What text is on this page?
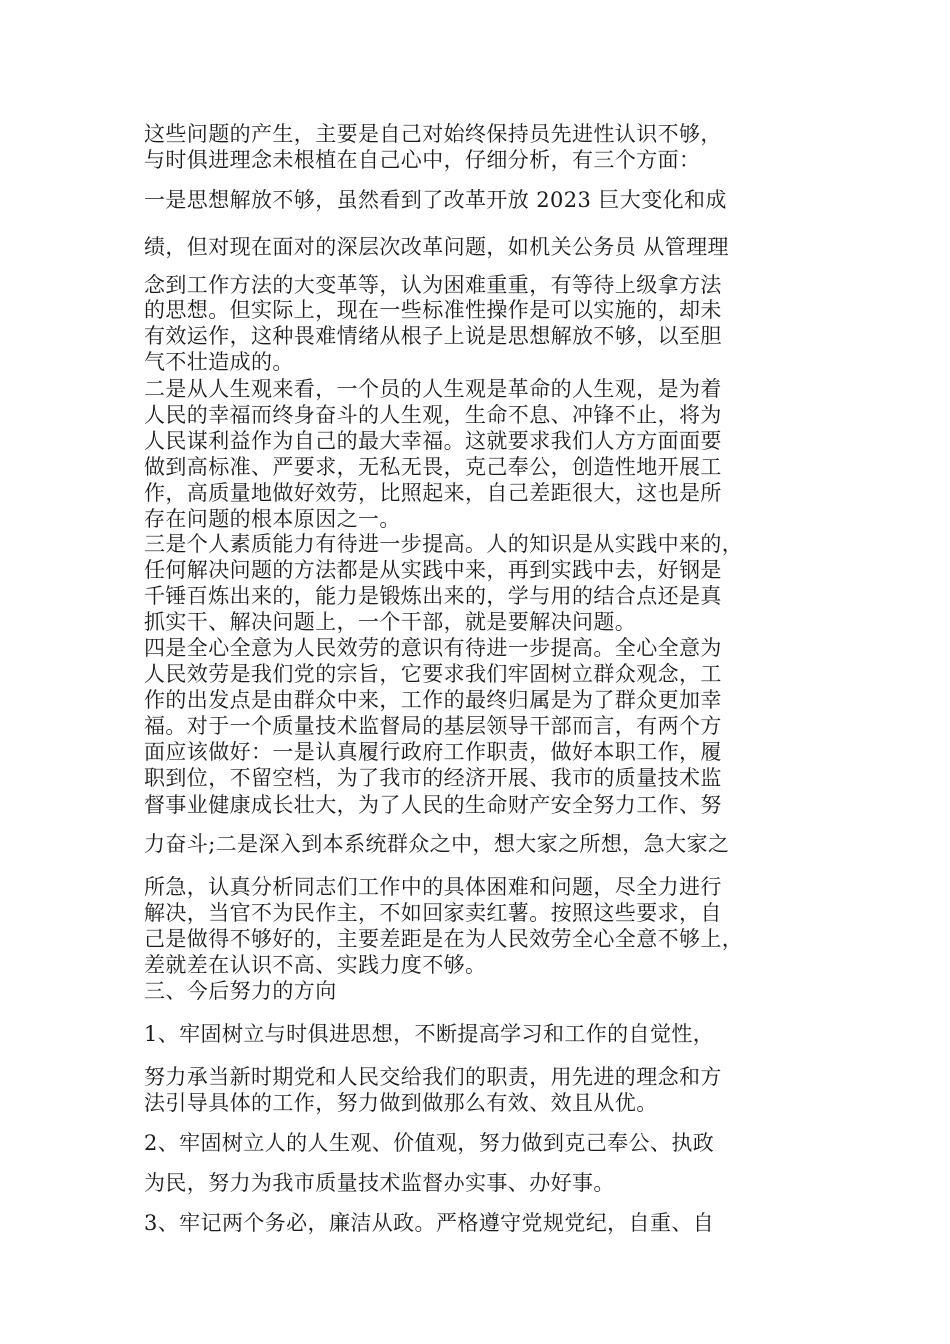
这些问题的产生，主要是自己对始终保持员先进性认识不够，

与时俱进理念未根植在自己心中，仔细分析，有三个方面：

一是思想解放不够，虽然看到了改革开放 2023 巨大变化和成

绩，但对现在面对的深层次改革问题，如机关公务员 从管理理

念到工作方法的大变革等，认为困难重重，有等待上级拿方法

的思想。但实际上，现在一些标准性操作是可以实施的，却未

有效运作，这种畏难情绪从根子上说是思想解放不够，以至胆

气不壮造成的。

二是从人生观来看，一个员的人生观是革命的人生观，是为着

人民的幸福而终身奋斗的人生观，生命不息、冲锋不止，将为

人民谋利益作为自己的最大幸福。这就要求我们人方方面面要

做到高标准、严要求，无私无畏，克己奉公，创造性地开展工

作，高质量地做好效劳，比照起来，自己差距很大，这也是所

存在问题的根本原因之一。

三是个人素质能力有待进一步提高。人的知识是从实践中来的，

任何解决问题的方法都是从实践中来，再到实践中去，好钢是

千锤百炼出来的，能力是锻炼出来的，学与用的结合点还是真

抓实干、解决问题上，一个干部，就是要解决问题。

四是全心全意为人民效劳的意识有待进一步提高。全心全意为

人民效劳是我们党的宗旨，它要求我们牢固树立群众观念，工

作的出发点是由群众中来，工作的最终归属是为了群众更加幸

福。对于一个质量技术监督局的基层领导干部而言，有两个方

面应该做好：一是认真履行政府工作职责，做好本职工作，履

职到位，不留空档，为了我市的经济开展、我市的质量技术监

督事业健康成长壮大，为了人民的生命财产安全努力工作、努

力奋斗;二是深入到本系统群众之中，想大家之所想，急大家之

所急，认真分析同志们工作中的具体困难和问题，尽全力进行

解决，当官不为民作主，不如回家卖红薯。按照这些要求，自

己是做得不够好的，主要差距是在为人民效劳全心全意不够上，

差就差在认识不高、实践力度不够。

三、今后努力的方向

1、牢固树立与时俱进思想，不断提高学习和工作的自觉性，

努力承当新时期党和人民交给我们的职责，用先进的理念和方

法引导具体的工作，努力做到做那么有效、效且从优。

2、牢固树立人的人生观、价值观，努力做到克己奉公、执政

为民，努力为我市质量技术监督办实事、办好事。

3、牢记两个务必，廉洁从政。严格遵守党规党纪，自重、自
